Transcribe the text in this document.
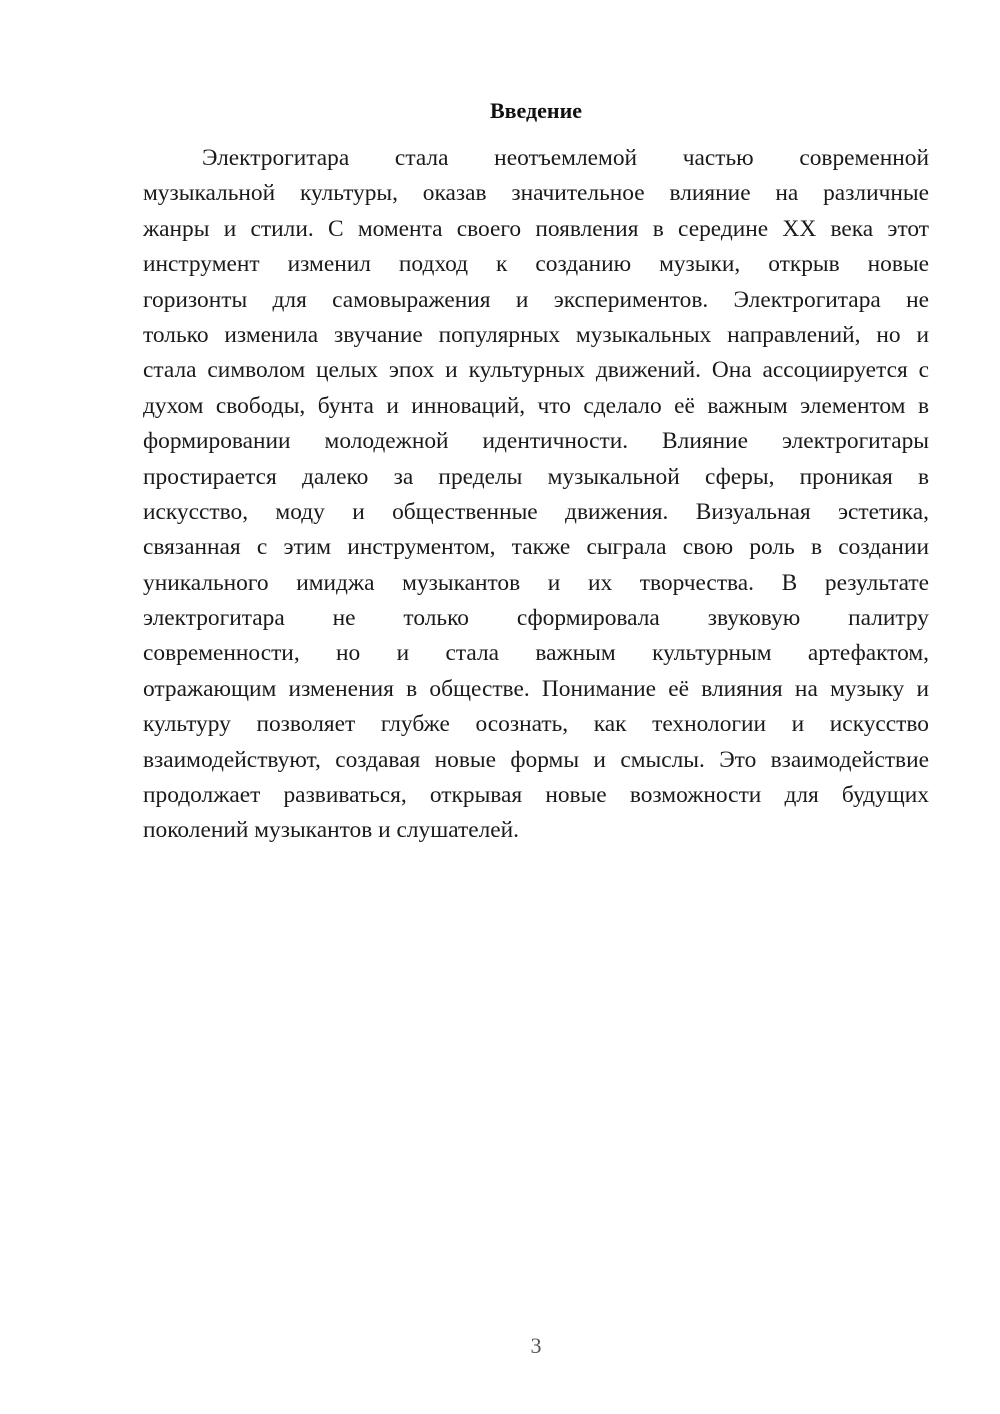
Введение
Электрогитара стала неотъемлемой частью современной
музыкальной культуры, оказав значительное влияние на различные
жанры и стили. С момента своего появления в середине XX века этот
инструмент изменил подход к созданию музыки, открыв новые
горизонты для самовыражения и экспериментов. Электрогитара не
только изменила звучание популярных музыкальных направлений, но и
стала символом целых эпох и культурных движений. Она ассоциируется с
духом свободы, бунта и инноваций, что сделало её важным элементом в
формировании молодежной идентичности. Влияние электрогитары
простирается далеко за пределы музыкальной сферы, проникая в
искусство, моду и общественные движения. Визуальная эстетика,
связанная с этим инструментом, также сыграла свою роль в создании
уникального имиджа музыкантов и их творчества. В результате
электрогитара не только сформировала звуковую палитру
современности, но и стала важным культурным артефактом,
отражающим изменения в обществе. Понимание её влияния на музыку и
культуру позволяет глубже осознать, как технологии и искусство
взаимодействуют, создавая новые формы и смыслы. Это взаимодействие
продолжает развиваться, открывая новые возможности для будущих
поколений музыкантов и слушателей.
3
